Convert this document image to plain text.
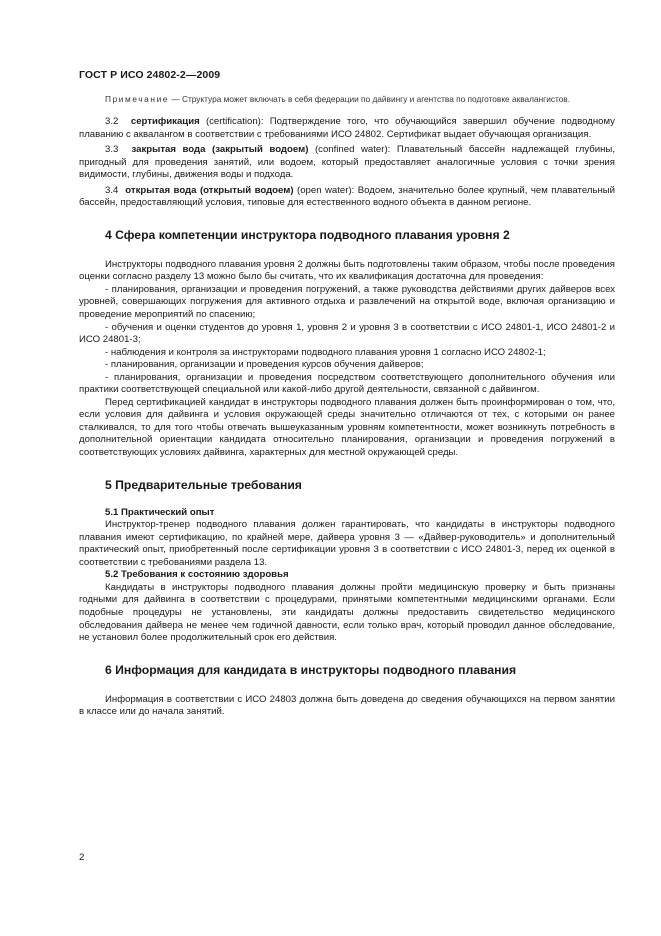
ГОСТ Р ИСО 24802-2—2009

Примечание — Структура может включать в себя федерации по дайвингу и агентства по подготовке аквалангистов.

3.2 сертификация (certification): Подтверждение того, что обучающийся завершил обучение подводному плаванию с аквалангом в соответствии с требованиями ИСО 24802. Сертификат выдает обучающая организация.

3.3 закрытая вода (закрытый водоем) (confined water): Плавательный бассейн надлежащей глубины, пригодный для проведения занятий, или водоем, который предоставляет аналогичные условия с точки зрения видимости, глубины, движения воды и подхода.

3.4 открытая вода (открытый водоем) (open water): Водоем, значительно более крупный, чем плавательный бассейн, предоставляющий условия, типовые для естественного водного объекта в данном регионе.

4 Сфера компетенции инструктора подводного плавания уровня 2

Инструкторы подводного плавания уровня 2 должны быть подготовлены таким образом, чтобы после проведения оценки согласно разделу 13 можно было бы считать, что их квалификация достаточна для проведения:

- планирования, организации и проведения погружений, а также руководства действиями других дайверов всех уровней, совершающих погружения для активного отдыха и развлечений на открытой воде, включая организацию и проведение мероприятий по спасению;

- обучения и оценки студентов до уровня 1, уровня 2 и уровня 3 в соответствии с ИСО 24801-1, ИСО 24801-2 и ИСО 24801-3;

- наблюдения и контроля за инструкторами подводного плавания уровня 1 согласно ИСО 24802-1;

- планирования, организации и проведения курсов обучения дайверов;

- планирования, организации и проведения посредством соответствующего дополнительного обучения или практики соответствующей специальной или какой-либо другой деятельности, связанной с дайвингом.

Перед сертификацией кандидат в инструкторы подводного плавания должен быть проинформирован о том, что, если условия для дайвинга и условия окружающей среды значительно отличаются от тех, с которыми он ранее сталкивался, то для того чтобы отвечать вышеуказанным уровням компетентности, может возникнуть потребность в дополнительной ориентации кандидата относительно планирования, организации и проведения погружений в соответствующих условиях дайвинга, характерных для местной окружающей среды.

5 Предварительные требования
5.1 Практический опыт

Инструктор-тренер подводного плавания должен гарантировать, что кандидаты в инструкторы подводного плавания имеют сертификацию, по крайней мере, дайвера уровня 3 — «Дайвер-руководитель» и дополнительный практический опыт, приобретенный после сертификации уровня 3 в соответствии с ИСО 24801-3, перед их оценкой в соответствии с требованиями раздела 13.

5.2 Требования к состоянию здоровья

Кандидаты в инструкторы подводного плавания должны пройти медицинскую проверку и быть признаны годными для дайвинга в соответствии с процедурами, принятыми компетентными медицинскими органами. Если подобные процедуры не установлены, эти кандидаты должны предоставить свидетельство медицинского обследования дайвера не менее чем годичной давности, если только врач, который проводил данное обследование, не установил более продолжительный срок его действия.

6 Информация для кандидата в инструкторы подводного плавания

Информация в соответствии с ИСО 24803 должна быть доведена до сведения обучающихся на первом занятии в классе или до начала занятий.

2
